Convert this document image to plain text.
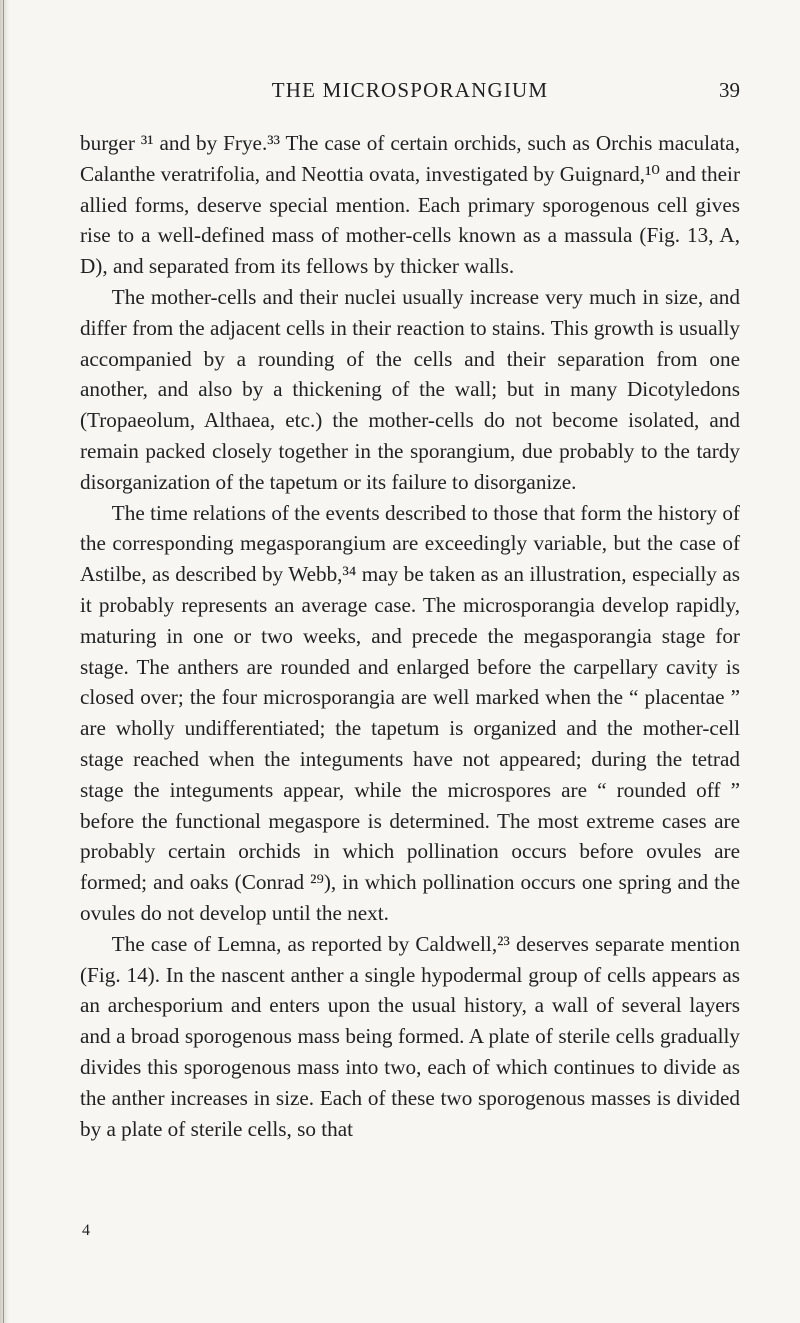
THE MICROSPORANGIUM	39

burger ³¹ and by Frye.³³ The case of certain orchids, such as Orchis maculata, Calanthe veratrifolia, and Neottia ovata, investigated by Guignard,¹⁰ and their allied forms, deserve special mention. Each primary sporogenous cell gives rise to a well-defined mass of mother-cells known as a massula (Fig. 13, A, D), and separated from its fellows by thicker walls.

The mother-cells and their nuclei usually increase very much in size, and differ from the adjacent cells in their reaction to stains. This growth is usually accompanied by a rounding of the cells and their separation from one another, and also by a thickening of the wall; but in many Dicotyledons (Tropaeolum, Althaea, etc.) the mother-cells do not become isolated, and remain packed closely together in the sporangium, due probably to the tardy disorganization of the tapetum or its failure to disorganize.

The time relations of the events described to those that form the history of the corresponding megasporangium are exceedingly variable, but the case of Astilbe, as described by Webb,³⁴ may be taken as an illustration, especially as it probably represents an average case. The microsporangia develop rapidly, maturing in one or two weeks, and precede the megasporangia stage for stage. The anthers are rounded and enlarged before the carpellary cavity is closed over; the four microsporangia are well marked when the “ placentae ” are wholly undifferentiated; the tapetum is organized and the mother-cell stage reached when the integuments have not appeared; during the tetrad stage the integuments appear, while the microspores are “ rounded off ” before the functional megaspore is determined. The most extreme cases are probably certain orchids in which pollination occurs before ovules are formed; and oaks (Conrad ²⁹), in which pollination occurs one spring and the ovules do not develop until the next.

The case of Lemna, as reported by Caldwell,²³ deserves separate mention (Fig. 14). In the nascent anther a single hypodermal group of cells appears as an archesporium and enters upon the usual history, a wall of several layers and a broad sporogenous mass being formed. A plate of sterile cells gradually divides this sporogenous mass into two, each of which continues to divide as the anther increases in size. Each of these two sporogenous masses is divided by a plate of sterile cells, so that

4
